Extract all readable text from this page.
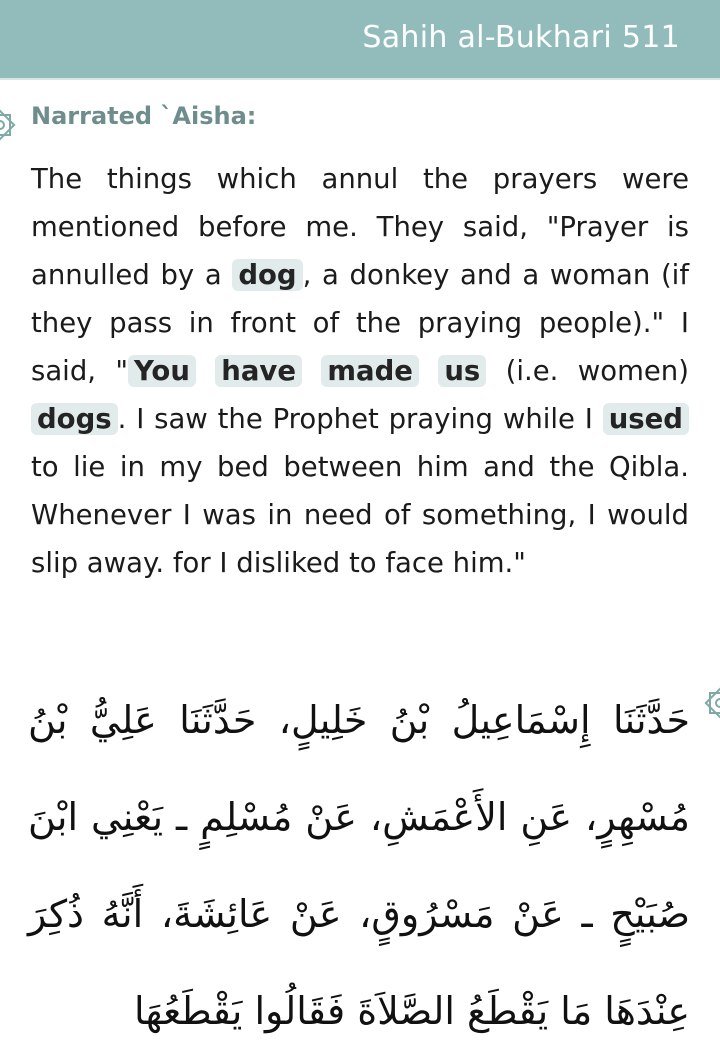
Sahih al-Bukhari 511
Narrated `Aisha:

The things which annul the prayers were mentioned before me. They said, "Prayer is annulled by a dog , a donkey and a woman (if they pass in front of the praying people)." I said, " You have made us (i.e. women) dogs . I saw the Prophet praying while I used to lie in my bed between him and the Qibla. Whenever I was in need of something, I would slip away. for I disliked to face him."

حَدَّثَنَا إِسْمَاعِيلُ بْنُ خَلِيلٍ، حَدَّثَنَا عَلِيُّ بْنُ مُسْهِرٍ، عَنِ الأَعْمَشِ، عَنْ مُسْلِمٍ ـ يَعْنِي ابْنَ صُبَيْحٍ ـ عَنْ مَسْرُوقٍ، عَنْ عَائِشَةَ، أَنَّهُ ذُكِرَ عِنْدَهَا مَا يَقْطَعُ الصَّلاَةَ فَقَالُوا يَقْطَعُهَا
